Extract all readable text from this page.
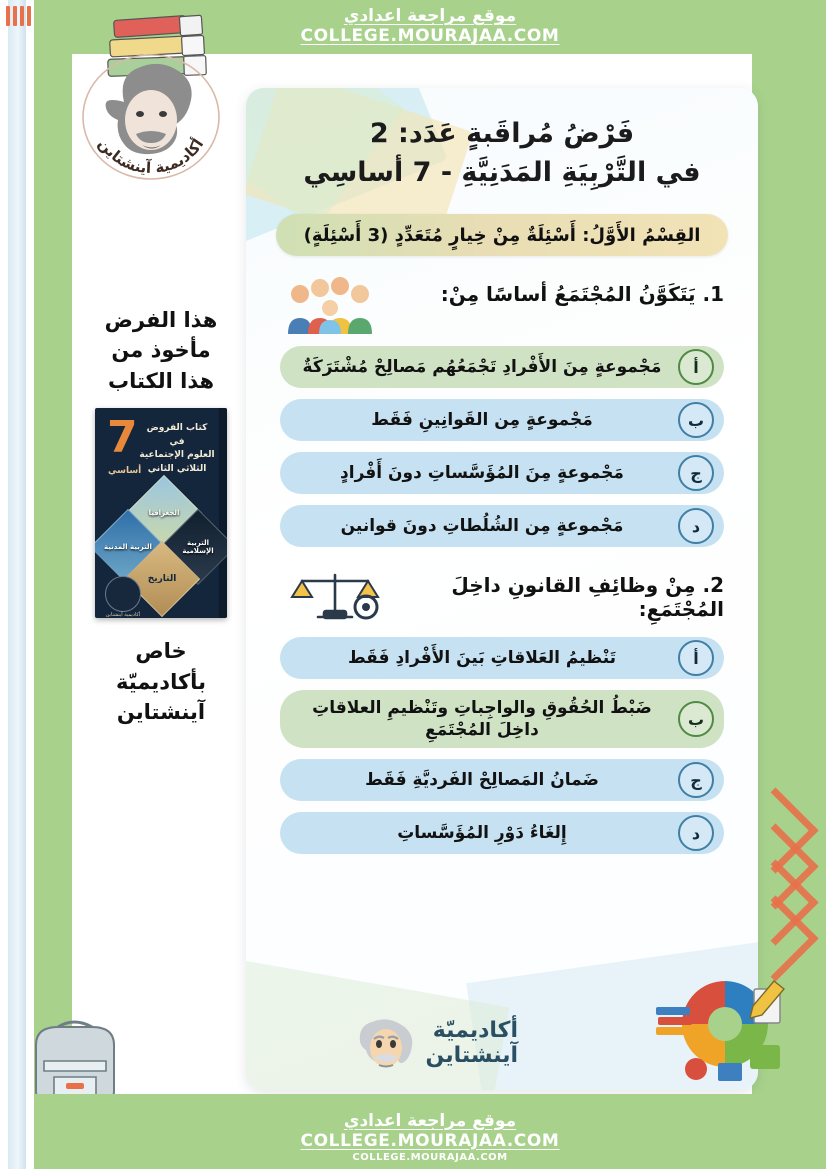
موقع مراجعة اعدادي
COLLEGE.MOURAJAA.COM
أكاديمية آينشتاين
هذا الفرض
مأخوذ من
هذا الكتاب
كتاب الفروض في
العلوم الإجتماعية
الثلاثي الثاني
7
أساسي
الجغرافيا
التربية المدنية	التربية الإسلامية
التاريخ
أكاديمية آينشتاين
خاص
بأكاديميّة
آينشتاين
فَرْضُ مُراقَبةٍ عَدَد: 2
في التَّرْبِيَةِ المَدَنِيَّةِ - 7 أساسِي
القِسْمُ الأَوَّلُ: أَسْئِلَةٌ مِنْ خِيارٍ مُتَعَدِّدٍ (3 أَسْئِلَةٍ)
1. يَتَكَوَّنُ المُجْتَمَعُ أساسًا مِنْ:
أ
مَجْموعةٍ مِنَ الأَفْرادِ تَجْمَعُهُم مَصالِحْ مُشْتَرَكَةٌ
ب
مَجْموعةٍ مِن القَوانِينِ فَقَط
ج
مَجْموعةٍ مِنَ المُؤَسَّساتِ دونَ أَفْرادٍ
د
مَجْموعةٍ مِن الشُلُطاتِ دونَ قوانين
2. مِنْ وظائِفِ القانونِ داخِلَ المُجْتَمَعِ:
أ
تَنْظيمُ العَلاقاتِ بَينَ الأَفْرادِ فَقَط
ب
ضَبْطُ الحُقُوقِ والواجِباتِ وتَنْظيمِ العلاقاتِ داخِلَ المُجْتَمَعِ
ج
ضَمانُ المَصالِحْ الفَرديَّةِ فَقَط
د
إِلغَاءُ دَوْرِ المُؤَسَّساتِ
أكاديميّة
آينشتاين
موقع مراجعة اعدادي
COLLEGE.MOURAJAA.COM
COLLEGE.MOURAJAA.COM
